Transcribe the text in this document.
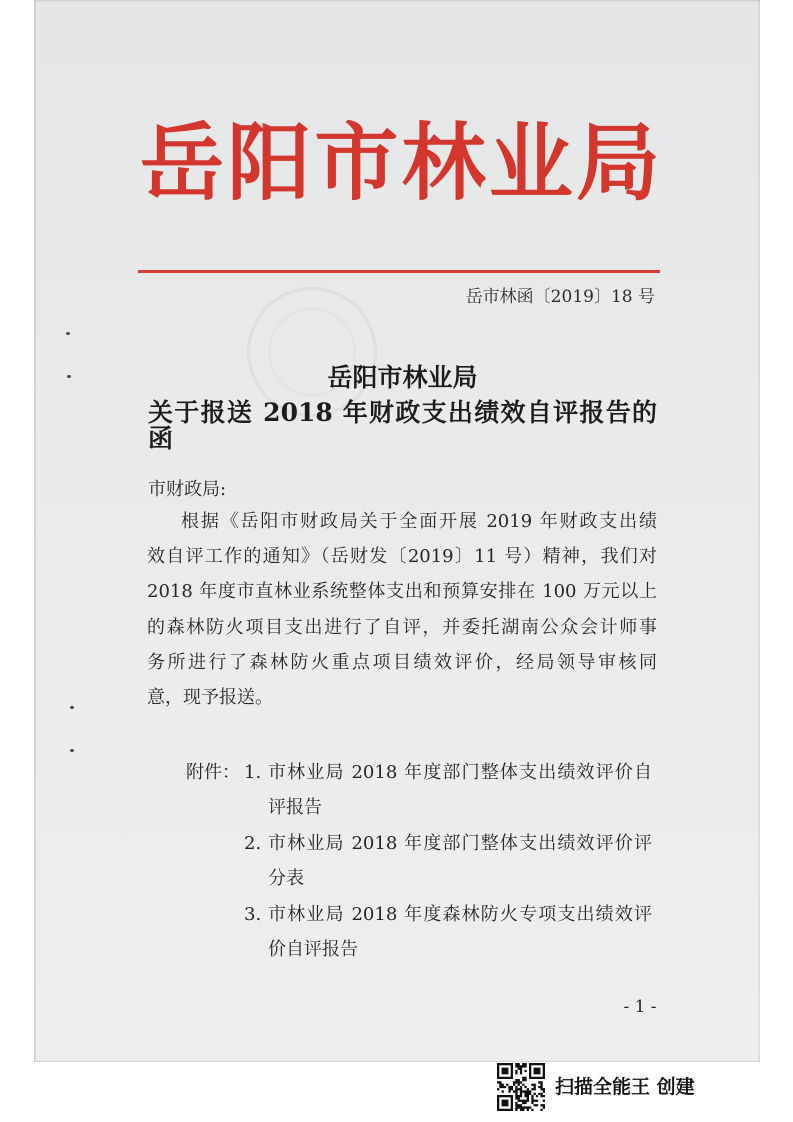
岳阳市林业局
岳市林函〔2019〕18 号
岳阳市林业局
关于报送 2018 年财政支出绩效自评报告的函
市财政局:
根据《岳阳市财政局关于全面开展 2019 年财政支出绩
效自评工作的通知》（岳财发〔2019〕11 号）精神，我们对
2018 年度市直林业系统整体支出和预算安排在 100 万元以上
的森林防火项目支出进行了自评，并委托湖南公众会计师事
务所进行了森林防火重点项目绩效评价，经局领导审核同
意，现予报送。
附件： 1. 市林业局 2018 年度部门整体支出绩效评价自
评报告
2. 市林业局 2018 年度部门整体支出绩效评价评
分表
3. 市林业局 2018 年度森林防火专项支出绩效评
价自评报告
- 1 -
扫描全能王 创建
